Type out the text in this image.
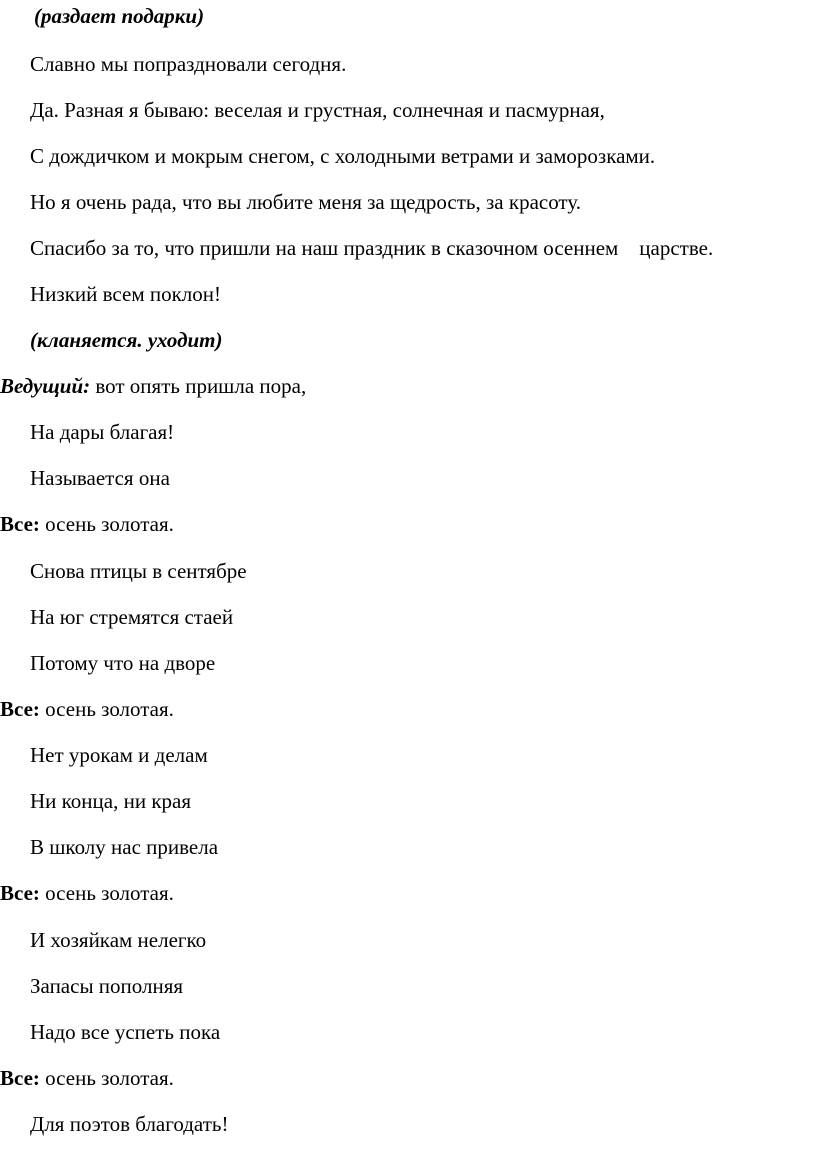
(раздает подарки)
Славно мы попраздновали сегодня.
Да. Разная я бываю: веселая и грустная, солнечная и пасмурная,
С дождичком и мокрым снегом, с холодными ветрами и заморозками.
Но я очень рада, что вы любите меня за щедрость, за красоту.
Спасибо за то, что пришли на наш праздник в сказочном осеннем    царстве.
Низкий всем поклон!
(кланяется. уходит)
Ведущий: вот опять пришла пора,
На дары благая!
Называется она
Все: осень золотая.
Снова птицы в сентябре
На юг стремятся стаей
Потому что на дворе
Все: осень золотая.
Нет урокам и делам
Ни конца, ни края
В школу нас привела
Все: осень золотая.
И хозяйкам нелегко
Запасы пополняя
Надо все успеть пока
Все: осень золотая.
Для поэтов благодать!
